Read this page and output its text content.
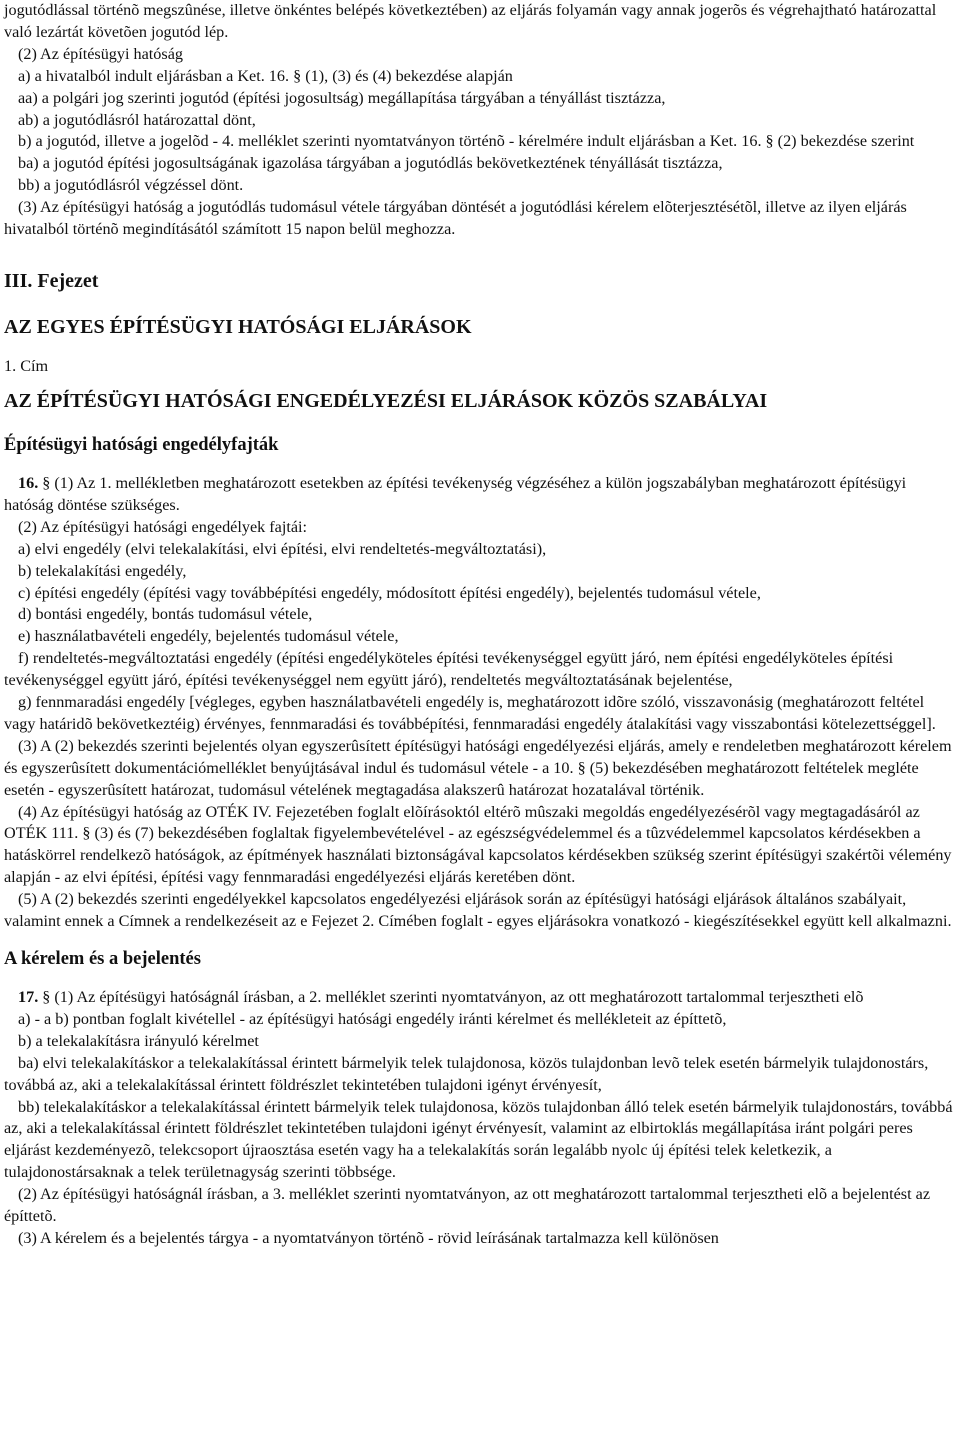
jogutódlással történõ megszûnése, illetve önkéntes belépés következtében) az eljárás folyamán vagy annak jogerõs és végrehajtható határozattal való lezártát követõen jogutód lép.

(2) Az építésügyi hatóság

a) a hivatalból indult eljárásban a Ket. 16. § (1), (3) és (4) bekezdése alapján

aa) a polgári jog szerinti jogutód (építési jogosultság) megállapítása tárgyában a tényállást tisztázza,

ab) a jogutódlásról határozattal dönt,

b) a jogutód, illetve a jogelõd - 4. melléklet szerinti nyomtatványon történõ - kérelmére indult eljárásban a Ket. 16. § (2) bekezdése szerint

ba) a jogutód építési jogosultságának igazolása tárgyában a jogutódlás bekövetkeztének tényállását tisztázza,

bb) a jogutódlásról végzéssel dönt.

(3) Az építésügyi hatóság a jogutódlás tudomásul vétele tárgyában döntését a jogutódlási kérelem elõterjesztésétõl, illetve az ilyen eljárás hivatalból történõ megindításától számított 15 napon belül meghozza.

III. Fejezet

AZ EGYES ÉPÍTÉSÜGYI HATÓSÁGI ELJÁRÁSOK

1. Cím

AZ ÉPÍTÉSÜGYI HATÓSÁGI ENGEDÉLYEZÉSI ELJÁRÁSOK KÖZÖS SZABÁLYAI

Építésügyi hatósági engedélyfajták

16. § (1) Az 1. mellékletben meghatározott esetekben az építési tevékenység végzéséhez a külön jogszabályban meghatározott építésügyi hatóság döntése szükséges.

(2) Az építésügyi hatósági engedélyek fajtái:

a) elvi engedély (elvi telekalakítási, elvi építési, elvi rendeltetés-megváltoztatási),

b) telekalakítási engedély,

c) építési engedély (építési vagy továbbépítési engedély, módosított építési engedély), bejelentés tudomásul vétele,

d) bontási engedély, bontás tudomásul vétele,

e) használatbavételi engedély, bejelentés tudomásul vétele,

f) rendeltetés-megváltoztatási engedély (építési engedélyköteles építési tevékenységgel együtt járó, nem építési engedélyköteles építési tevékenységgel együtt járó, építési tevékenységgel nem együtt járó), rendeltetés megváltoztatásának bejelentése,

g) fennmaradási engedély [végleges, egyben használatbavételi engedély is, meghatározott idõre szóló, visszavonásig (meghatározott feltétel vagy határidõ bekövetkeztéig) érvényes, fennmaradási és továbbépítési, fennmaradási engedély átalakítási vagy visszabontási kötelezettséggel].

(3) A (2) bekezdés szerinti bejelentés olyan egyszerûsített építésügyi hatósági engedélyezési eljárás, amely e rendeletben meghatározott kérelem és egyszerûsített dokumentációmelléklet benyújtásával indul és tudomásul vétele - a 10. § (5) bekezdésében meghatározott feltételek megléte esetén - egyszerûsített határozat, tudomásul vételének megtagadása alakszerû határozat hozatalával történik.

(4) Az építésügyi hatóság az OTÉK IV. Fejezetében foglalt elõírásoktól eltérõ mûszaki megoldás engedélyezésérõl vagy megtagadásáról az OTÉK 111. § (3) és (7) bekezdésében foglaltak figyelembevételével - az egészségvédelemmel és a tûzvédelemmel kapcsolatos kérdésekben a hatáskörrel rendelkezõ hatóságok, az építmények használati biztonságával kapcsolatos kérdésekben szükség szerint építésügyi szakértõi vélemény alapján - az elvi építési, építési vagy fennmaradási engedélyezési eljárás keretében dönt.

(5) A (2) bekezdés szerinti engedélyekkel kapcsolatos engedélyezési eljárások során az építésügyi hatósági eljárások általános szabályait, valamint ennek a Címnek a rendelkezéseit az e Fejezet 2. Címében foglalt - egyes eljárásokra vonatkozó - kiegészítésekkel együtt kell alkalmazni.

A kérelem és a bejelentés

17. § (1) Az építésügyi hatóságnál írásban, a 2. melléklet szerinti nyomtatványon, az ott meghatározott tartalommal terjesztheti elõ

a) - a b) pontban foglalt kivétellel - az építésügyi hatósági engedély iránti kérelmet és mellékleteit az építtetõ,

b) a telekalakításra irányuló kérelmet

ba) elvi telekalakításkor a telekalakítással érintett bármelyik telek tulajdonosa, közös tulajdonban levõ telek esetén bármelyik tulajdonostárs, továbbá az, aki a telekalakítással érintett földrészlet tekintetében tulajdoni igényt érvényesít,

bb) telekalakításkor a telekalakítással érintett bármelyik telek tulajdonosa, közös tulajdonban álló telek esetén bármelyik tulajdonostárs, továbbá az, aki a telekalakítással érintett földrészlet tekintetében tulajdoni igényt érvényesít, valamint az elbirtoklás megállapítása iránt polgári peres eljárást kezdeményezõ, telekcsoport újraosztása esetén vagy ha a telekalakítás során legalább nyolc új építési telek keletkezik, a tulajdonostársaknak a telek területnagyság szerinti többsége.

(2) Az építésügyi hatóságnál írásban, a 3. melléklet szerinti nyomtatványon, az ott meghatározott tartalommal terjesztheti elõ a bejelentést az építtetõ.

(3) A kérelem és a bejelentés tárgya - a nyomtatványon történõ - rövid leírásának tartalmazza kell különösen
